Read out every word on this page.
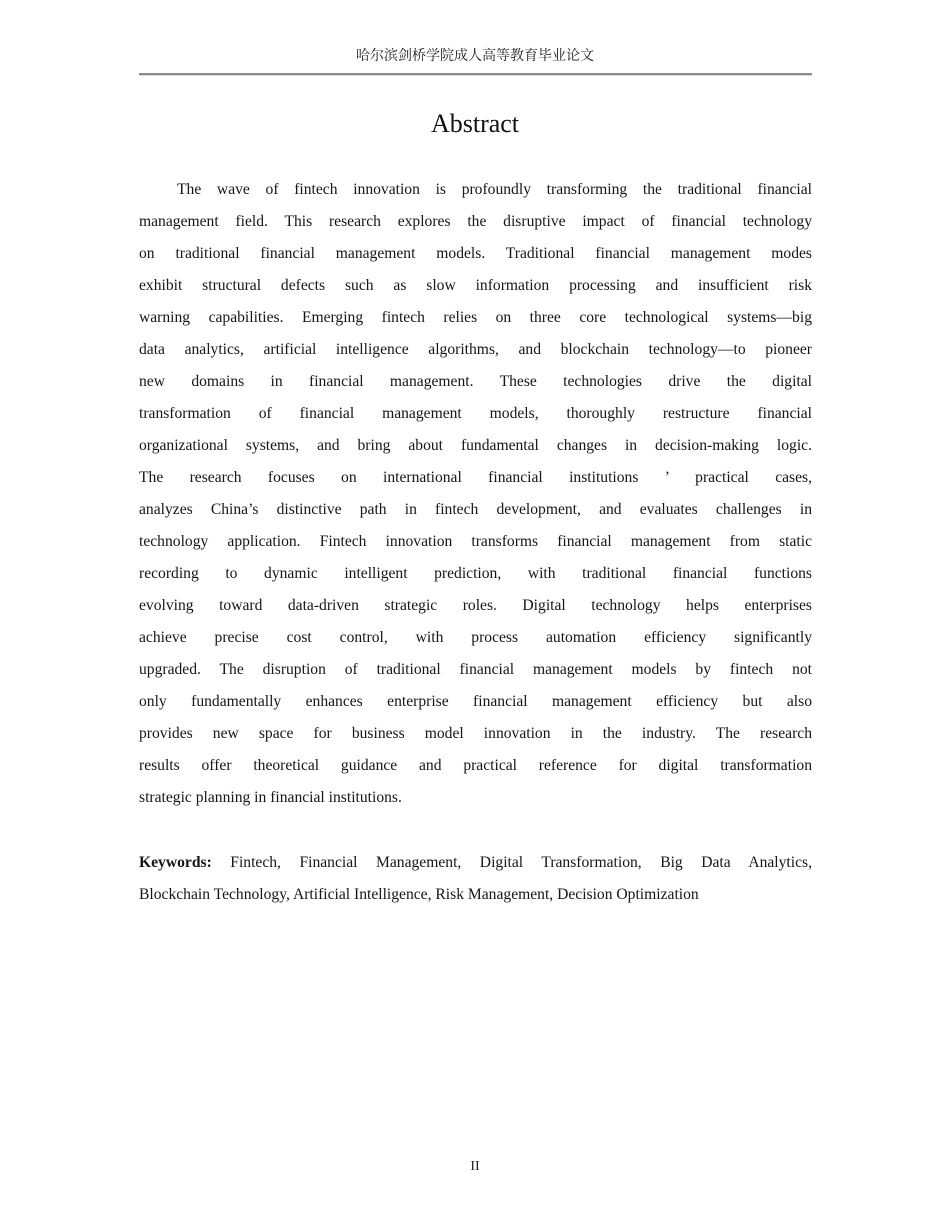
哈尔滨剑桥学院成人高等教育毕业论文
Abstract
The wave of fintech innovation is profoundly transforming the traditional financial
management field. This research explores the disruptive impact of financial technology
on traditional financial management models. Traditional financial management modes
exhibit structural defects such as slow information processing and insufficient risk
warning capabilities. Emerging fintech relies on three core technological systems—big
data analytics, artificial intelligence algorithms, and blockchain technology—to pioneer
new domains in financial management. These technologies drive the digital
transformation of financial management models, thoroughly restructure financial
organizational systems, and bring about fundamental changes in decision-making logic.
The research focuses on international financial institutions ’ practical cases,
analyzes China’s distinctive path in fintech development, and evaluates challenges in
technology application. Fintech innovation transforms financial management from static
recording to dynamic intelligent prediction, with traditional financial functions
evolving toward data-driven strategic roles. Digital technology helps enterprises
achieve precise cost control, with process automation efficiency significantly
upgraded. The disruption of traditional financial management models by fintech not
only fundamentally enhances enterprise financial management efficiency but also
provides new space for business model innovation in the industry. The research
results offer theoretical guidance and practical reference for digital transformation
strategic planning in financial institutions.
Keywords: Fintech, Financial Management, Digital Transformation, Big Data Analytics,
Blockchain Technology, Artificial Intelligence, Risk Management, Decision Optimization
II
